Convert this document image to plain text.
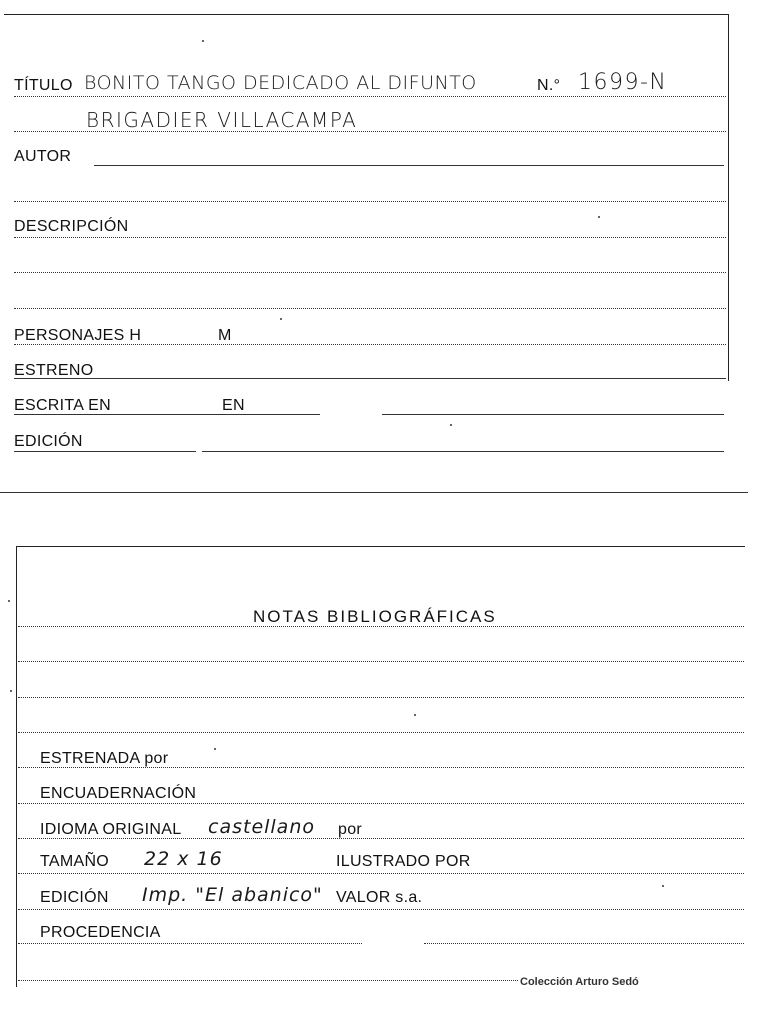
TÍTULO BONITO TANGO DEDICADO AL DIFUNTO	N.° 1699-N
BRIGADIER VILLACAMPA
AUTOR
DESCRIPCIÓN
PERSONAJES H	M
ESTRENO
ESCRITA EN	EN
EDICIÓN
NOTAS BIBLIOGRÁFICAS
ESTRENADA por
ENCUADERNACIÓN
IDIOMA ORIGINAL castellano por
TAMAÑO 22 x 16	ILUSTRADO POR
EDICIÓN Imp. "El abanico" VALOR s.a.
PROCEDENCIA
Colección Arturo Sedó
